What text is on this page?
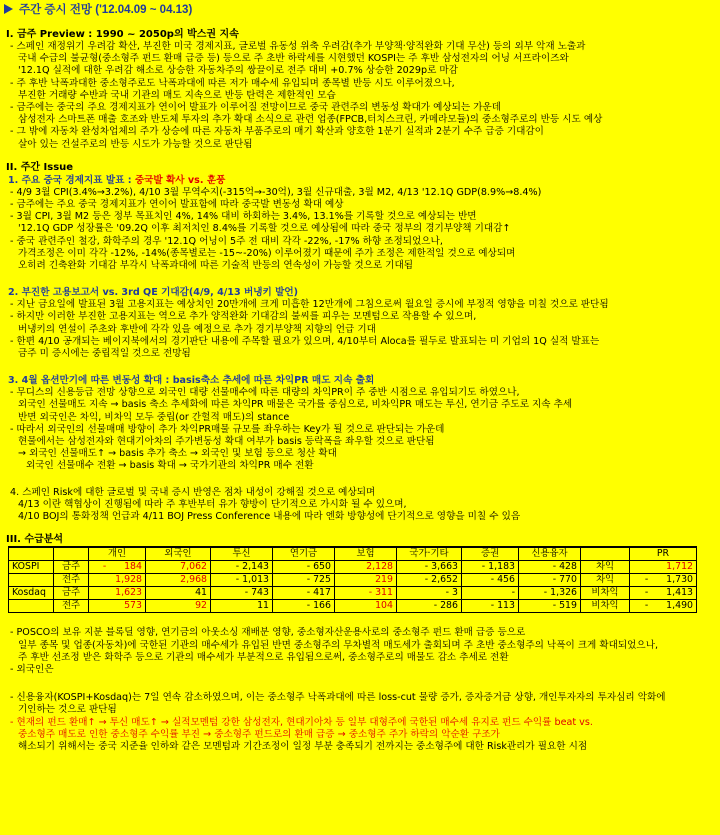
주간 증시 전망 ('12.04.09 ~ 04.13)
I. 금주 Preview : 1990 ~ 2050p의 박스권 지속
- 스페인 재정위기 우려감 확산, 부진한 미국 경제지표, 글로벌 유동성 위축 우려감(추가 부양책·양적완화 기대 무산) 등의 외부 악재 노출과
국내 수급의 불균형(중소형주 펀드 환매 급증 등) 등으로 주 초반 하락세를 시현했던 KOSPI는 주 후반 삼성전자의 어닝 서프라이즈와
'12.1Q 실적에 대한 우려감 해소로 상승한 자동차주의 쌍끌이로 전주 대비 +0.7% 상승한 2029p로 마감
- 주 후반 낙폭과대한 중소형주로도 낙폭과대에 따른 저가 매수세 유입되며 종목별 반등 시도 이루어졌으나,
부진한 거래량 수반과 국내 기관의 매도 지속으로 반등 탄력은 제한적인 모습
- 금주에는 중국의 주요 경제지표가 연이어 발표가 이루어질 전망이므로 중국 관련주의 변동성 확대가 예상되는 가운데
삼성전자 스마트폰 매출 호조와 반도체 투자의 추가 확대 소식으로 관련 업종(FPCB,터치스크린, 카메라모듈)의 중소형주로의 반등 시도 예상
- 그 밖에 자동차 완성차업체의 주가 상승에 따른 자동차 부품주로의 매기 확산과 양호한 1분기 실적과 2분기 수주 급증 기대감이
살아 있는 건설주로의 반등 시도가 가능할 것으로 판단됨
II. 주간 Issue
1. 주요 중국 경제지표 발표 : 중국발 확사 vs. 훈풍
- 4/9 3월 CPI(3.4%→3.2%), 4/10 3월 무역수지(-315억→-30억), 3월 신규대출, 3월 M2, 4/13 '12.1Q GDP(8.9%→8.4%)
- 금주에는 주요 중국 경제지표가 연이어 발표함에 따라 중국발 변동성 확대 예상
- 3월 CPI, 3월 M2 등은 정부 목표치인 4%, 14% 대비 하회하는 3.4%, 13.1%를 기록할 것으로 예상되는 반면
'12.1Q GDP 성장률은 '09.2Q 이후 최저치인 8.4%를 기록할 것으로 예상됨에 따라 중국 정부의 경기부양책 기대감↑
- 중국 관련주인 철강, 화학주의 경우 '12.1Q 어닝이 5주 전 대비 각각 -22%, -17% 하향 조정되었으나,
가격조정은 이미 각각 -12%, -14%(종목별로는 -15~-20%) 이루어졌기 때문에 주가 조정은 제한적일 것으로 예상되며
오히려 긴축완화 기대감 부각시 낙폭과대에 따른 기술적 반등의 연속성이 가능할 것으로 기대됨
2. 부진한 고용보고서 vs. 3rd QE 기대감(4/9, 4/13 버냉키 발언)
- 지난 금요일에 발표된 3월 고용지표는 예상치인 20만개에 크게 미흡한 12만개에 그침으로써 월요일 증시에 부정적 영향을 미칠 것으로 판단됨
- 하지만 이러한 부진한 고용지표는 역으로 추가 양적완화 기대감의 불씨를 피우는 모멘텀으로 작용할 수 있으며,
버냉키의 연설이 주초와 후반에 각각 있을 예정으로 추가 경기부양책 지향의 언급 기대
- 한편 4/10 공개되는 베이지북에서의 경기판단 내용에 주목할 필요가 있으며, 4/10부터 Aloca를 필두로 발표되는 미 기업의 1Q 실적 발표는
금주 미 증시에는 중립적일 것으로 전망됨
3. 4월 옵션만기에 따른 변동성 확대 : basis축소 추세에 따른 차익PR 매도 지속 출회
- 무디스의 신용등급 전망 상향으로 외국인 대량 선물매수에 따른 대량의 차익PR이 주 중반 시점으로 유입되기도 하였으나,
외국인 선물매도 지속 → basis 축소 추세화에 따른 차익PR 매물은 국가를 중심으로, 비차익PR 매도는 투신, 연기금 주도로 지속 추세
반면 외국인은 차익, 비차익 모두 중립(or 간헐적 매도)의 stance
- 따라서 외국인의 선물매매 방향이 추가 차익PR매물 규모를 좌우하는 Key가 될 것으로 판단되는 가운데
현물에서는 삼성전자와 현대기아차의 주가변동성 확대 여부가 basis 등락폭을 좌우할 것으로 판단됨
→ 외국인 선물매도↑ → basis 추가 축소 → 외국인 및 보험 등으로 청산 확대
외국인 선물매수 전환 → basis 확대 → 국가기관의 차익PR 매수 전환
4. 스페인 Risk에 대한 글로벌 및 국내 증시 반영은 점차 내성이 강해질 것으로 예상되며
4/13 이란 핵협상이 진행됨에 따라 주 후반부터 유가 향방이 단기적으로 가시화 될 수 있으며,
4/10 BOJ의 통화정책 언급과 4/11 BOJ Press Conference 내용에 따라 엔화 방향성에 단기적으로 영향을 미칠 수 있음
III. 수급분석
		개인	외국인	투신	연기금	보험	국가·기타	증권	신용융자		PR
KOSPI	금주	-      184	7,062	- 2,143	- 650	2,128	- 3,663	- 1,183	- 428	차익	1,712
	전주	1,928	2,968	- 1,013	- 725	219	- 2,652	- 456	- 770	차익	-      1,730
Kosdaq	금주	1,623	41	- 743	- 417	- 311	- 3	-	- 1,326	비차익	-      1,413
	전주	573	92	11	- 166	104	- 286	- 113	- 519	비차익	-      1,490
- POSCO의 보유 지분 블록딜 영향, 연기금의 아웃소싱 재배분 영향, 중소형자산운용사로의 중소형주 펀드 환매 급증 등으로
일부 종목 및 업종(자동차)에 국한된 기관의 매수세가 유입된 반면 중소형주의 무차별적 매도세가 출회되며 주 초반 중소형주의 낙폭이 크게 확대되었으나,
주 후반 선조정 받은 화학주 등으로 기관의 매수세가 부분적으로 유입됨으로써, 중소형주로의 매물도 감소 추세로 전환
- 외국인은
- 신용융자(KOSPI+Kosdaq)는 7일 연속 감소하였으며, 이는 중소형주 낙폭과대에 따른 loss-cut 물량 증가, 증자증거금 상향, 개인투자자의 투자심리 악화에
기인하는 것으로 판단됨
- 현재의 펀드 환매↑ → 투신 매도↑ → 실적모멘텀 강한 삼성전자, 현대기아차 등 일부 대형주에 국한된 매수세 유지로 펀드 수익률 beat vs.
중소형주 매도로 인한 중소형주 수익률 부진 → 중소형주 펀드로의 환매 급증 → 중소형주 주가 하락의 악순환 구조가
해소되기 위해서는 중국 지준율 인하와 같은 모멘텀과 기간조정이 일정 부분 충족되기 전까지는 중소형주에 대한 Risk관리가 필요한 시점
